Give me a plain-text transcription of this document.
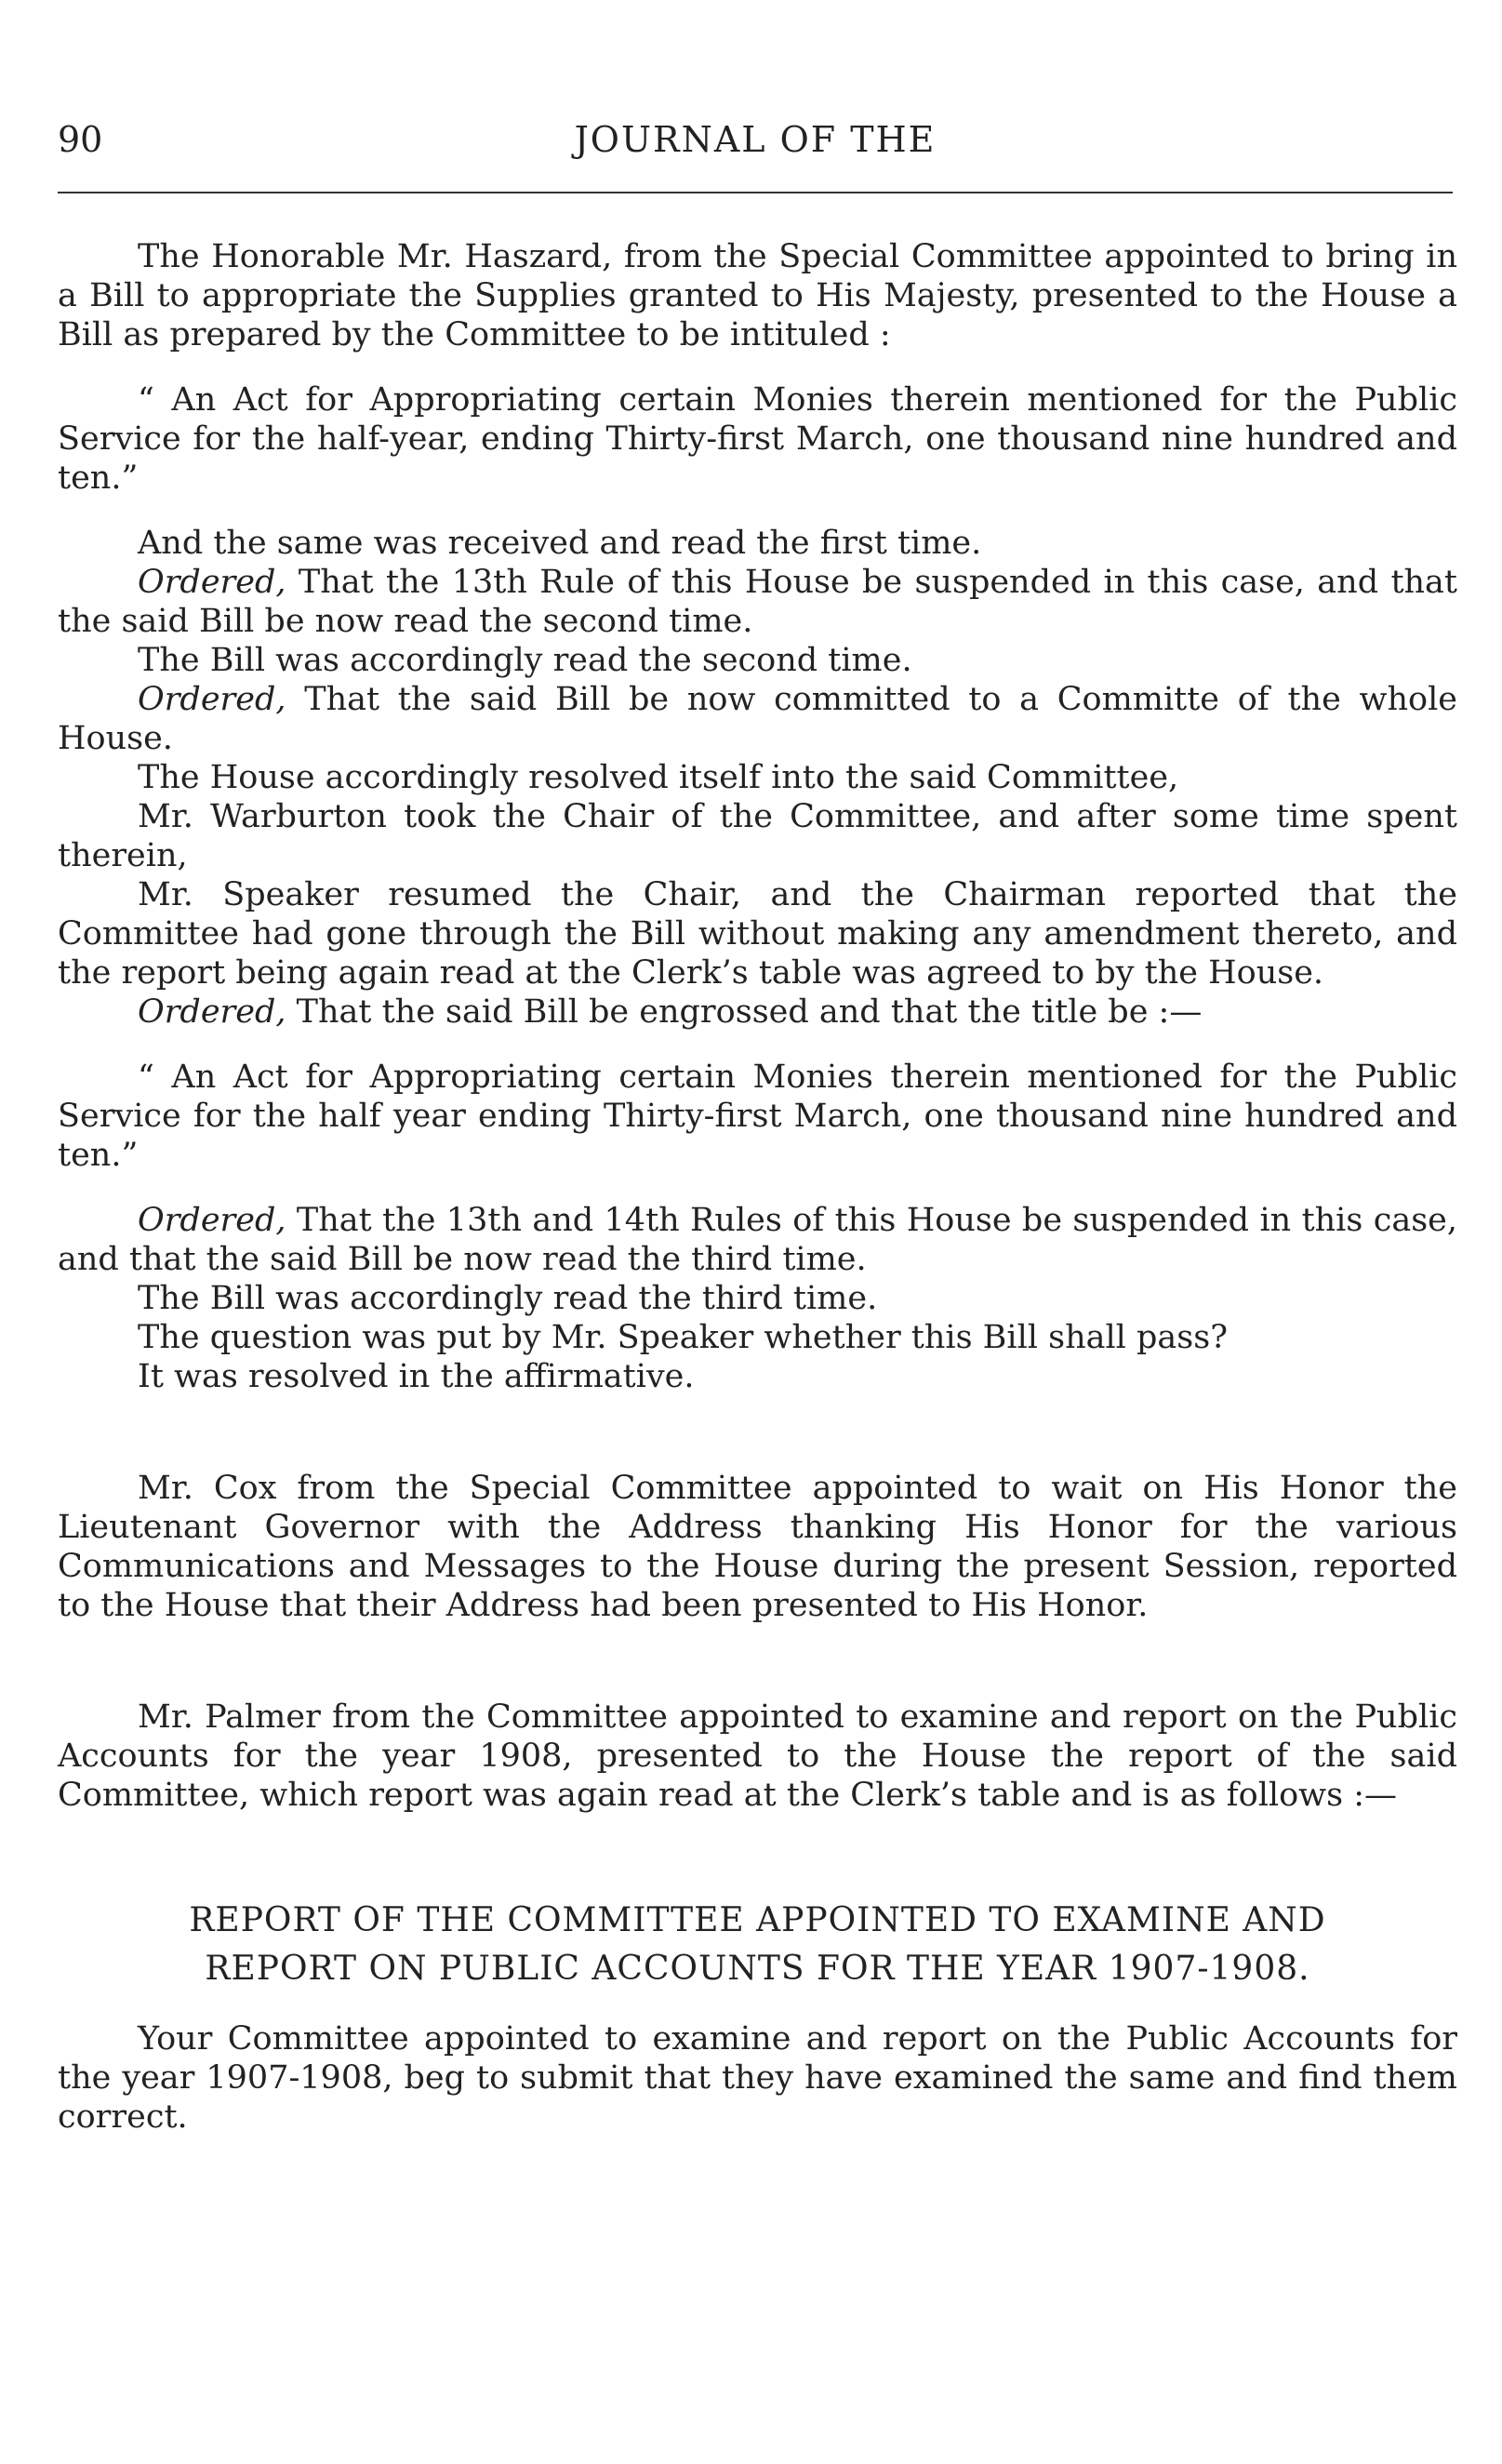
90	JOURNAL OF THE

The Honorable Mr. Haszard, from the Special Committee appointed to bring in a Bill to appropriate the Supplies granted to His Majesty, presented to the House a Bill as prepared by the Committee to be intituled :

“ An Act for Appropriating certain Monies therein mentioned for the Public Service for the half-year, ending Thirty-first March, one thousand nine hundred and ten.”

And the same was received and read the first time.

Ordered, That the 13th Rule of this House be suspended in this case, and that the said Bill be now read the second time.

The Bill was accordingly read the second time.

Ordered, That the said Bill be now committed to a Committe of the whole House.

The House accordingly resolved itself into the said Committee,

Mr. Warburton took the Chair of the Committee, and after some time spent therein,

Mr. Speaker resumed the Chair, and the Chairman reported that the Committee had gone through the Bill without making any amendment thereto, and the report being again read at the Clerk’s table was agreed to by the House.

Ordered, That the said Bill be engrossed and that the title be :—

“ An Act for Appropriating certain Monies therein mentioned for the Public Service for the half year ending Thirty-first March, one thousand nine hundred and ten.”

Ordered, That the 13th and 14th Rules of this House be suspended in this case, and that the said Bill be now read the third time.

The Bill was accordingly read the third time.

The question was put by Mr. Speaker whether this Bill shall pass?

It was resolved in the affirmative.

Mr. Cox from the Special Committee appointed to wait on His Honor the Lieutenant Governor with the Address thanking His Honor for the various Communications and Messages to the House during the present Session, reported to the House that their Address had been presented to His Honor.

Mr. Palmer from the Committee appointed to examine and report on the Public Accounts for the year 1908, presented to the House the report of the said Committee, which report was again read at the Clerk’s table and is as follows :—

REPORT OF THE COMMITTEE APPOINTED TO EXAMINE AND

REPORT ON PUBLIC ACCOUNTS FOR THE YEAR 1907-1908.

Your Committee appointed to examine and report on the Public Accounts for the year 1907-1908, beg to submit that they have examined the same and find them correct.
